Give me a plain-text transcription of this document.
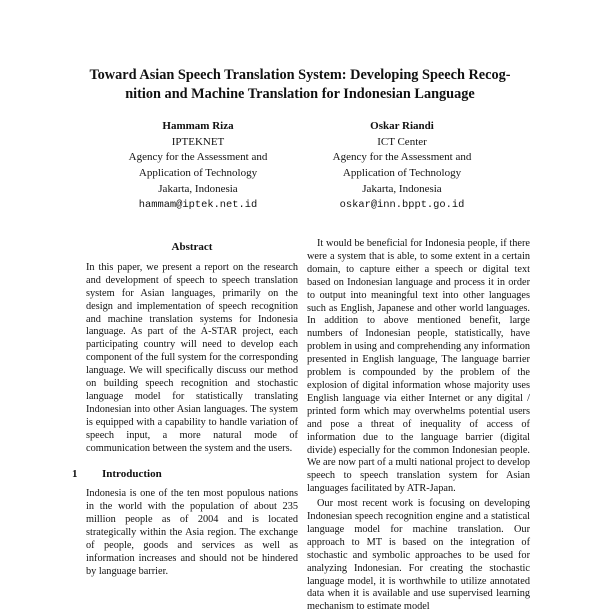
Toward Asian Speech Translation System: Developing Speech Recog-
nition and Machine Translation for Indonesian Language
Hammam Riza
IPTEKNET
Agency for the Assessment and
Application of Technology
Jakarta, Indonesia
hammam@iptek.net.id
Oskar Riandi
ICT Center
Agency for the Assessment and
Application of Technology
Jakarta, Indonesia
oskar@inn.bppt.go.id
Abstract

In this paper, we present a report on the research and development of speech to speech translation system for Asian languages, primarily on the design and implementation of speech recognition and machine translation systems for Indonesia language. As part of the A-STAR project, each participating country will need to develop each component of the full system for the corresponding language. We will specifically discuss our method on building speech recognition and stochastic language model for statistically translating Indonesian into other Asian languages. The system is equipped with a capability to handle variation of speech input, a more natural mode of communication between the system and the users.

1 Introduction

Indonesia is one of the ten most populous nations in the world with the population of about 235 million people as of 2004 and is located strategically within the Asia region. The exchange of people, goods and services as well as information increases and should not be hindered by language barrier.

It would be beneficial for Indonesia people, if there were a system that is able, to some extent in a certain domain, to capture either a speech or digital text based on Indonesian language and process it in order to output into meaningful text into other languages such as English, Japanese and other world languages. In addition to above mentioned benefit, large numbers of Indonesian people, statistically, have problem in using and comprehending any information presented in English language, The language barrier problem is compounded by the problem of the explosion of digital information whose majority uses English language via either Internet or any digital / printed form which may overwhelms potential users and pose a threat of inequality of access of information due to the language barrier (digital divide) especially for the common Indonesian people. We are now part of a multi national project to develop speech to speech translation system for Asian languages facilitated by ATR-Japan.

Our most recent work is focusing on developing Indonesian speech recognition engine and a statistical language model for machine translation. Our approach to MT is based on the integration of stochastic and symbolic approaches to be used for analyzing Indonesian. For creating the stochastic language model, it is worthwhile to utilize annotated data when it is available and use supervised learning mechanism to estimate model
